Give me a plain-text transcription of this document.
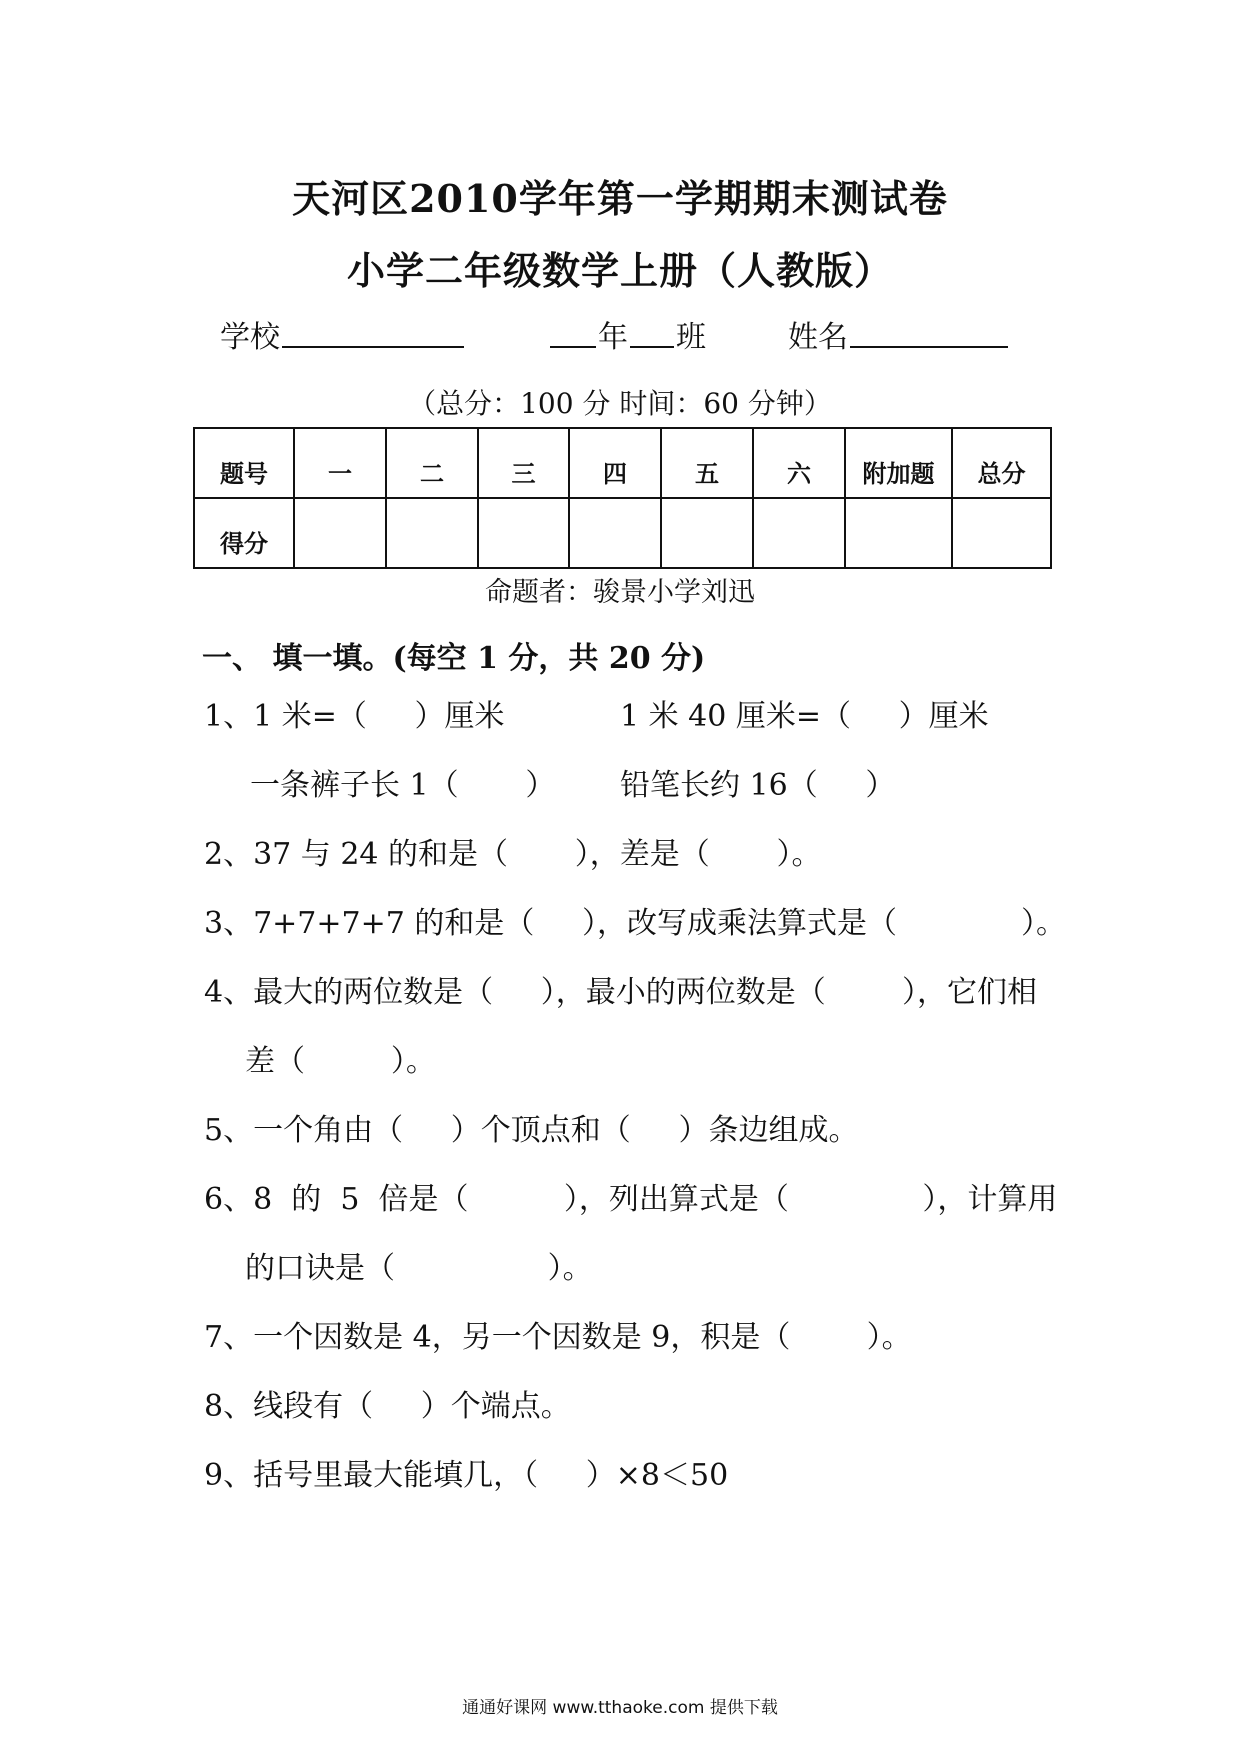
天河区2010学年第一学期期末测试卷
小学二年级数学上册（人教版）
学校	年 班	姓名
（总分：100 分 时间：60 分钟）
题号	一	二	三	四	五	六	附加题	总分
得分								
命题者：骏景小学刘迅
一、 填一填。(每空 1 分，共 20 分)
1、1 米=（     ）厘米	1 米 40 厘米=（     ）厘米
一条裤子长 1（       ） 铅笔长约 16（     ）
2、37 与 24 的和是（       ），差是（       ）。
3、7+7+7+7 的和是（     ），改写成乘法算式是（             ）。
4、最大的两位数是（     ），最小的两位数是（        ），它们相
差（         ）。
5、一个角由（     ）个顶点和（     ）条边组成。
6、8  的  5  倍是（          ），列出算式是（              ），计算用
的口诀是（                ）。
7、一个因数是 4，另一个因数是 9，积是（        ）。
8、线段有（     ）个端点。
9、括号里最大能填几，（     ）×8＜50
通通好课网 www.tthaoke.com 提供下载
